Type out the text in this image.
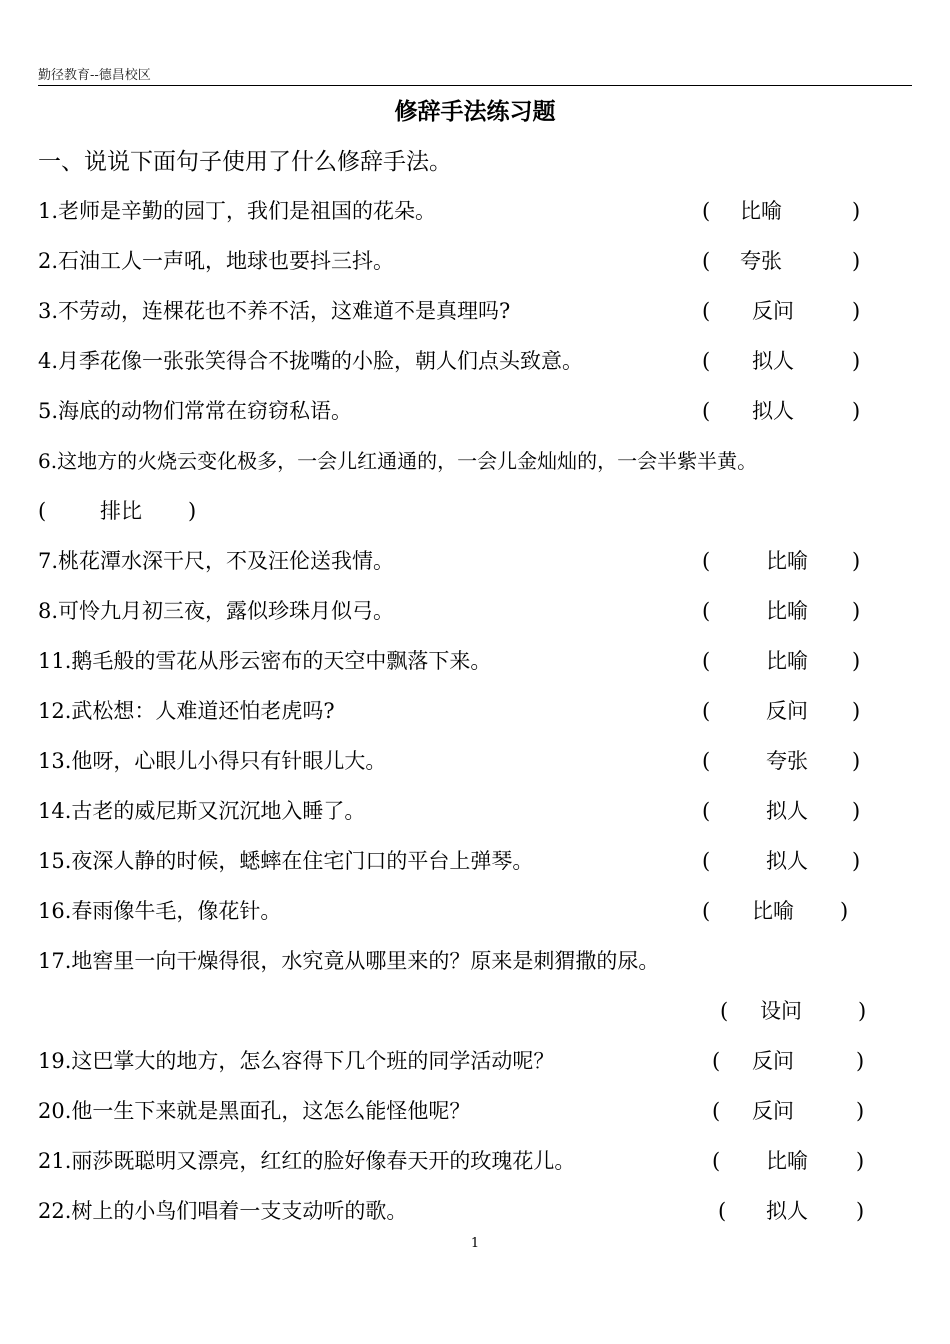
勤径教育--德昌校区
修辞手法练习题
一、说说下面句子使用了什么修辞手法。
1.老师是辛勤的园丁，我们是祖国的花朵。	( 比喻	)
2.石油工人一声吼，地球也要抖三抖。	( 夸张	)
3.不劳动，连棵花也不养不活，这难道不是真理吗?	( 反问	)
4.月季花像一张张笑得合不拢嘴的小脸，朝人们点头致意。	( 拟人	)
5.海底的动物们常常在窃窃私语。	( 拟人	)
6.这地方的火烧云变化极多，一会儿红通通的，一会儿金灿灿的，一会半紫半黄。
(	排比 )
7.桃花潭水深干尺，不及汪伦送我情。	(	比喻 )
8.可怜九月初三夜，露似珍珠月似弓。	(	比喻 )
11.鹅毛般的雪花从彤云密布的天空中飘落下来。	(	比喻 )
12.武松想：人难道还怕老虎吗?	(	反问 )
13.他呀，心眼儿小得只有针眼儿大。	(	夸张 )
14.古老的威尼斯又沉沉地入睡了。	(	拟人 )
15.夜深人静的时候，蟋蟀在住宅门口的平台上弹琴。	(	拟人 )
16.春雨像牛毛，像花针。	( 比喻 )
17.地窖里一向干燥得很，水究竟从哪里来的？原来是刺猬撒的尿。
( 设问	)
19.这巴掌大的地方，怎么容得下几个班的同学活动呢？	( 反问	)
20.他一生下来就是黑面孔，这怎么能怪他呢？	( 反问	)
21.丽莎既聪明又漂亮，红红的脸好像春天开的玫瑰花儿。	( 比喻 )
22.树上的小鸟们唱着一支支动听的歌。	( 拟人 )
1
